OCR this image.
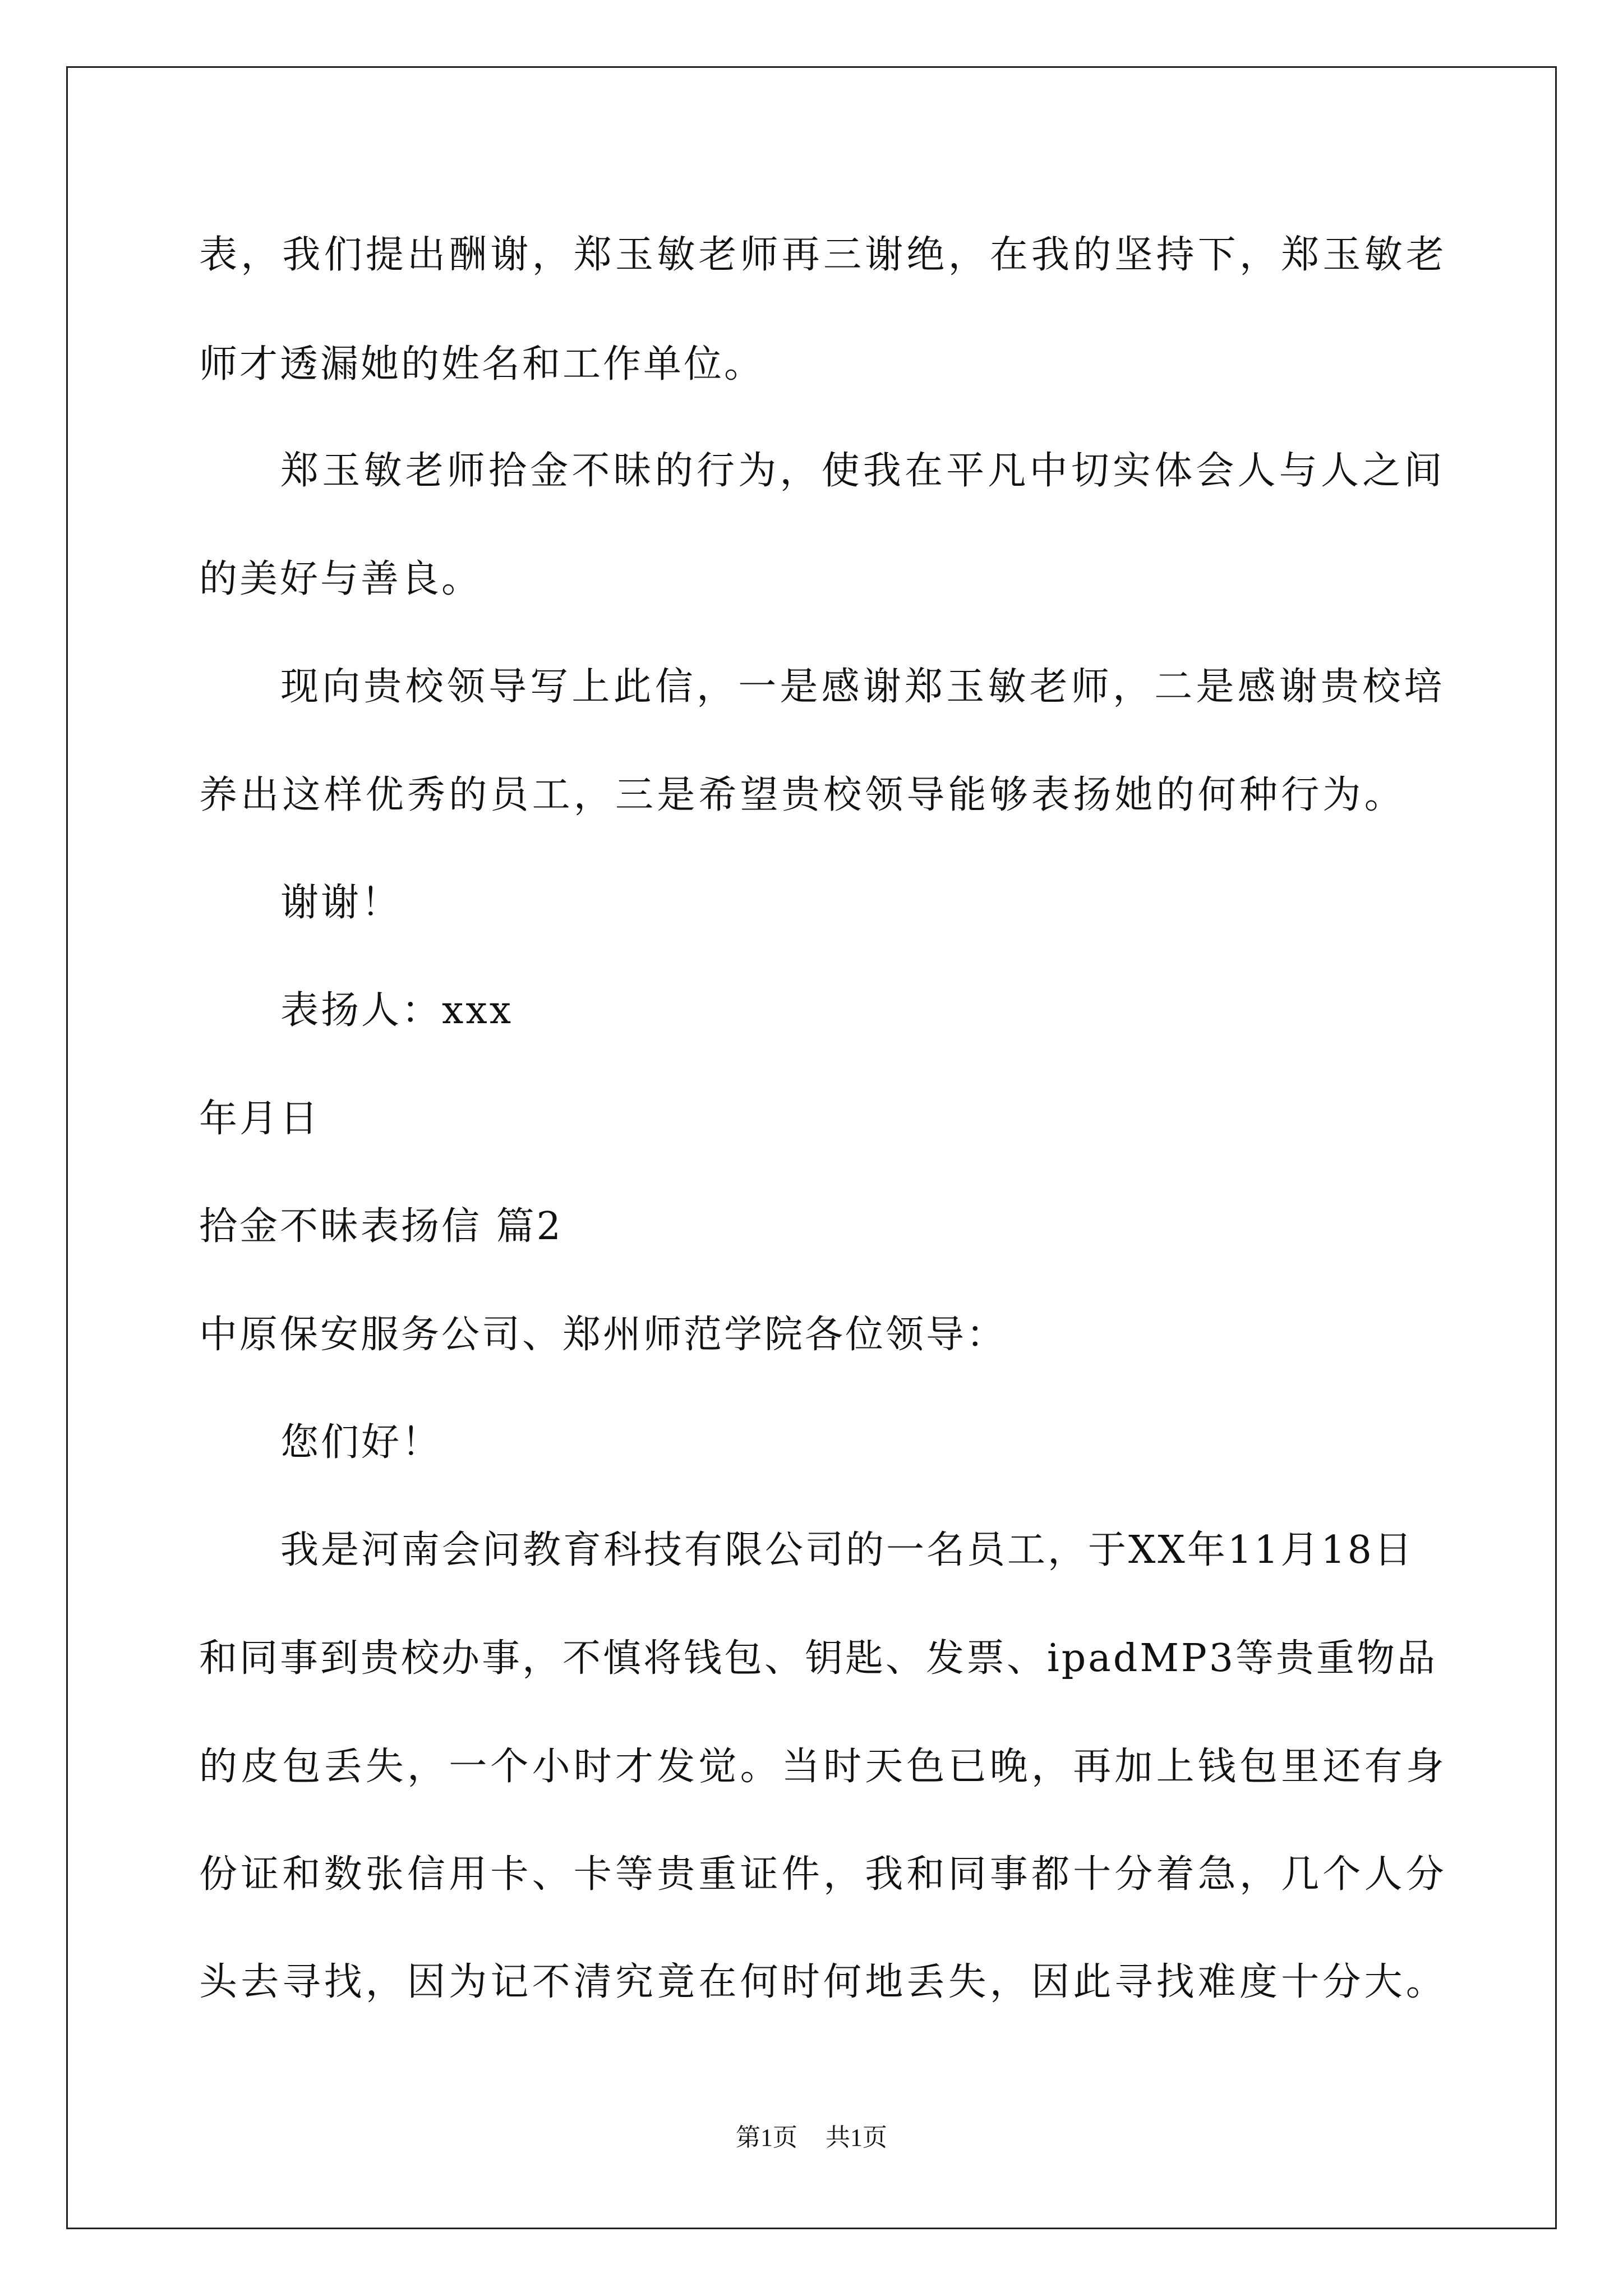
表，我们提出酬谢，郑玉敏老师再三谢绝，在我的坚持下，郑玉敏老
师才透漏她的姓名和工作单位。
郑玉敏老师拾金不昧的行为，使我在平凡中切实体会人与人之间
的美好与善良。
现向贵校领导写上此信，一是感谢郑玉敏老师，二是感谢贵校培
养出这样优秀的员工，三是希望贵校领导能够表扬她的何种行为。
谢谢！
表扬人：xxx
年月日
拾金不昧表扬信 篇2
中原保安服务公司、郑州师范学院各位领导：
您们好！
我是河南会问教育科技有限公司的一名员工，于XX年11月18日
和同事到贵校办事，不慎将钱包、钥匙、发票、ipadMP3等贵重物品
的皮包丢失，一个小时才发觉。当时天色已晚，再加上钱包里还有身
份证和数张信用卡、卡等贵重证件，我和同事都十分着急，几个人分
头去寻找，因为记不清究竟在何时何地丢失，因此寻找难度十分大。
第1页 共1页
